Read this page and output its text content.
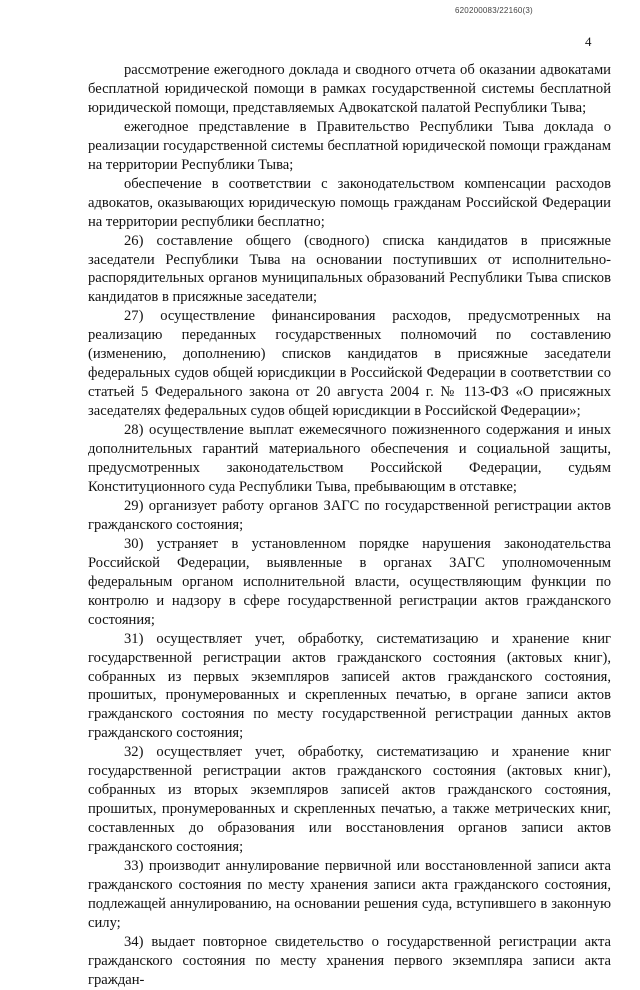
620200083/22160(3)
4

рассмотрение ежегодного доклада и сводного отчета об оказании адвокатами бесплатной юридической помощи в рамках государственной системы бесплатной юридической помощи, представляемых Адвокатской палатой Республики Тыва;

ежегодное представление в Правительство Республики Тыва доклада о реализации государственной системы бесплатной юридической помощи гражданам на территории Республики Тыва;

обеспечение в соответствии с законодательством компенсации расходов адвокатов, оказывающих юридическую помощь гражданам Российской Федерации на территории республики бесплатно;

26) составление общего (сводного) списка кандидатов в присяжные заседатели Республики Тыва на основании поступивших от исполнительно-распорядительных органов муниципальных образований Республики Тыва списков кандидатов в присяжные заседатели;

27) осуществление финансирования расходов, предусмотренных на реализацию переданных государственных полномочий по составлению (изменению, дополнению) списков кандидатов в присяжные заседатели федеральных судов общей юрисдикции в Российской Федерации в соответствии со статьей 5 Федерального закона от 20 августа 2004 г. № 113-ФЗ «О присяжных заседателях федеральных судов общей юрисдикции в Российской Федерации»;

28) осуществление выплат ежемесячного пожизненного содержания и иных дополнительных гарантий материального обеспечения и социальной защиты, предусмотренных законодательством Российской Федерации, судьям Конституционного суда Республики Тыва, пребывающим в отставке;

29) организует работу органов ЗАГС по государственной регистрации актов гражданского состояния;

30) устраняет в установленном порядке нарушения законодательства Российской Федерации, выявленные в органах ЗАГС уполномоченным федеральным органом исполнительной власти, осуществляющим функции по контролю и надзору в сфере государственной регистрации актов гражданского состояния;

31) осуществляет учет, обработку, систематизацию и хранение книг государственной регистрации актов гражданского состояния (актовых книг), собранных из первых экземпляров записей актов гражданского состояния, прошитых, пронумерованных и скрепленных печатью, в органе записи актов гражданского состояния по месту государственной регистрации данных актов гражданского состояния;

32) осуществляет учет, обработку, систематизацию и хранение книг государственной регистрации актов гражданского состояния (актовых книг), собранных из вторых экземпляров записей актов гражданского состояния, прошитых, пронумерованных и скрепленных печатью, а также метрических книг, составленных до образования или восстановления органов записи актов гражданского состояния;

33) производит аннулирование первичной или восстановленной записи акта гражданского состояния по месту хранения записи акта гражданского состояния, подлежащей аннулированию, на основании решения суда, вступившего в законную силу;

34) выдает повторное свидетельство о государственной регистрации акта гражданского состояния по месту хранения первого экземпляра записи акта граждан-
